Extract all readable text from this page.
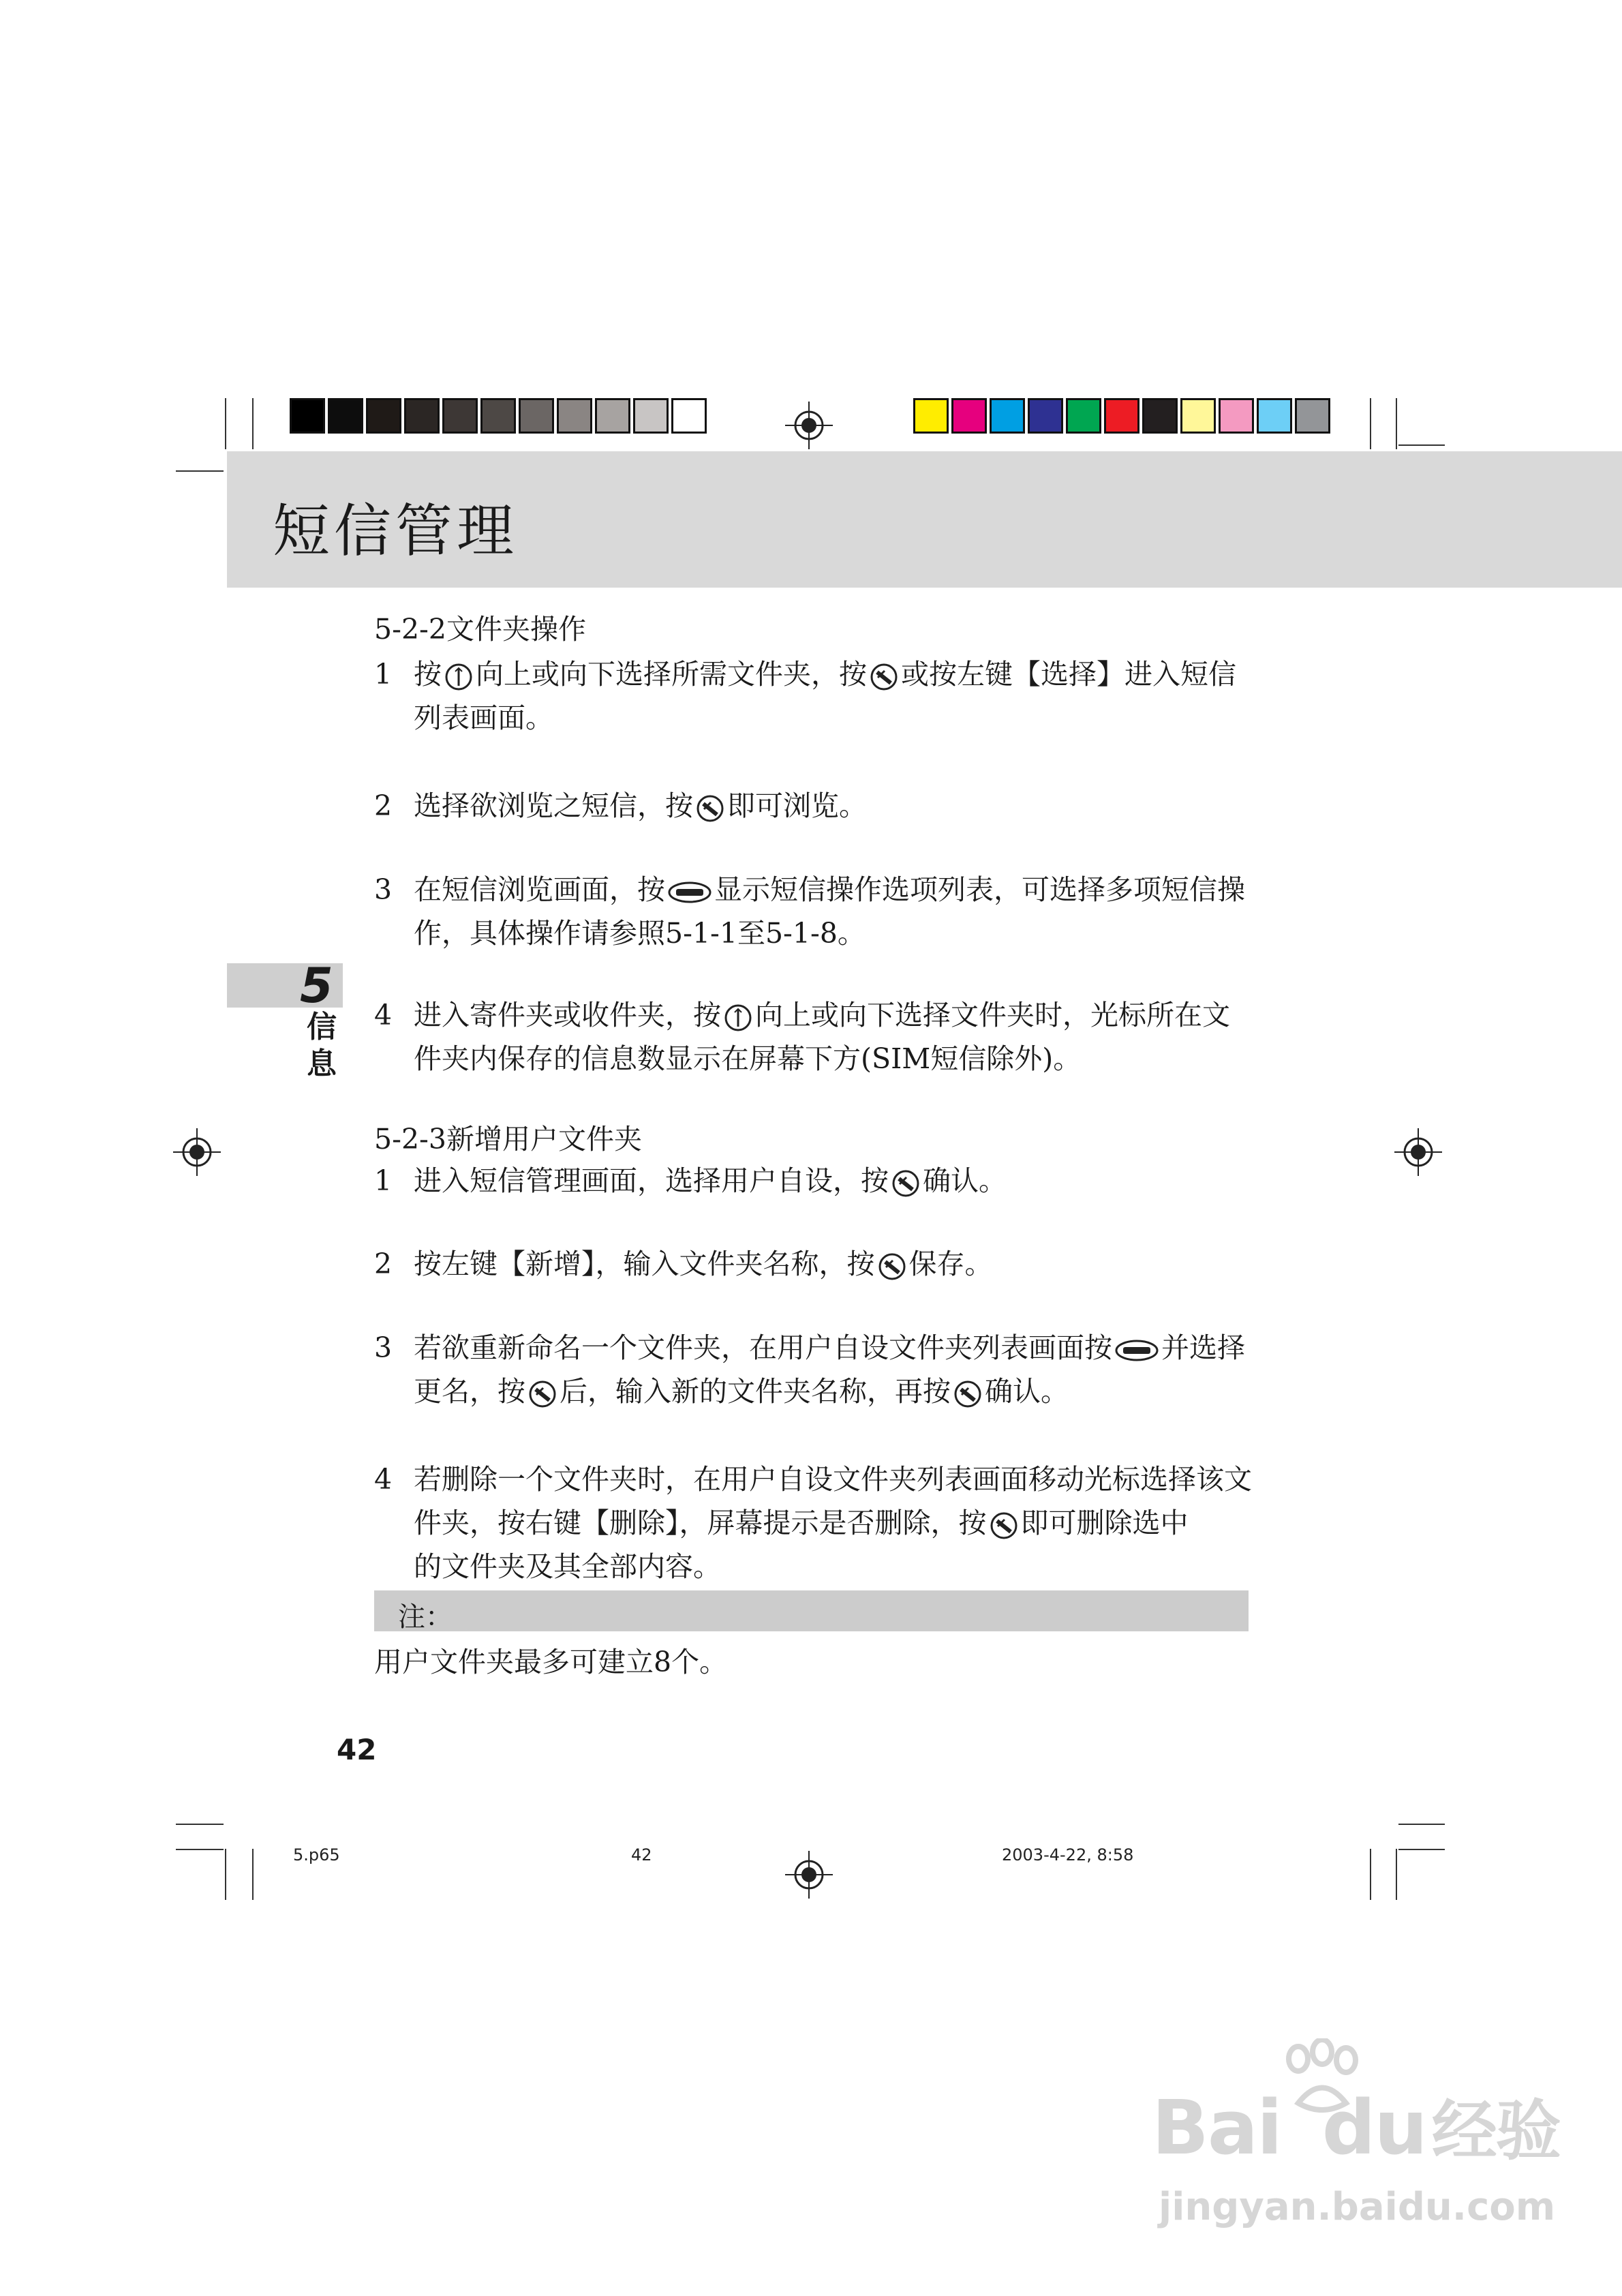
短信管理
5
信息
5-2-2文件夹操作
1 按 向上或向下选择所需文件夹，按 或按左键【选择】进入短信
列表画面。
2 选择欲浏览之短信，按 即可浏览。
3 在短信浏览画面，按 显示短信操作选项列表，可选择多项短信操
作，具体操作请参照5-1-1至5-1-8。
4 进入寄件夹或收件夹，按 向上或向下选择文件夹时，光标所在文
件夹内保存的信息数显示在屏幕下方(SIM短信除外)。
5-2-3新增用户文件夹
1 进入短信管理画面，选择用户自设，按 确认。
2 按左键【新增】，输入文件夹名称，按 保存。
3 若欲重新命名一个文件夹，在用户自设文件夹列表画面按 并选择
更名，按 后，输入新的文件夹名称，再按 确认。
4 若删除一个文件夹时，在用户自设文件夹列表画面移动光标选择该文
件夹，按右键【删除】，屏幕提示是否删除，按 即可删除选中
的文件夹及其全部内容。
注：
用户文件夹最多可建立8个。
42
5.p65	42	2003-4-22, 8:58
Bai du经验
jingyan.baidu.com
